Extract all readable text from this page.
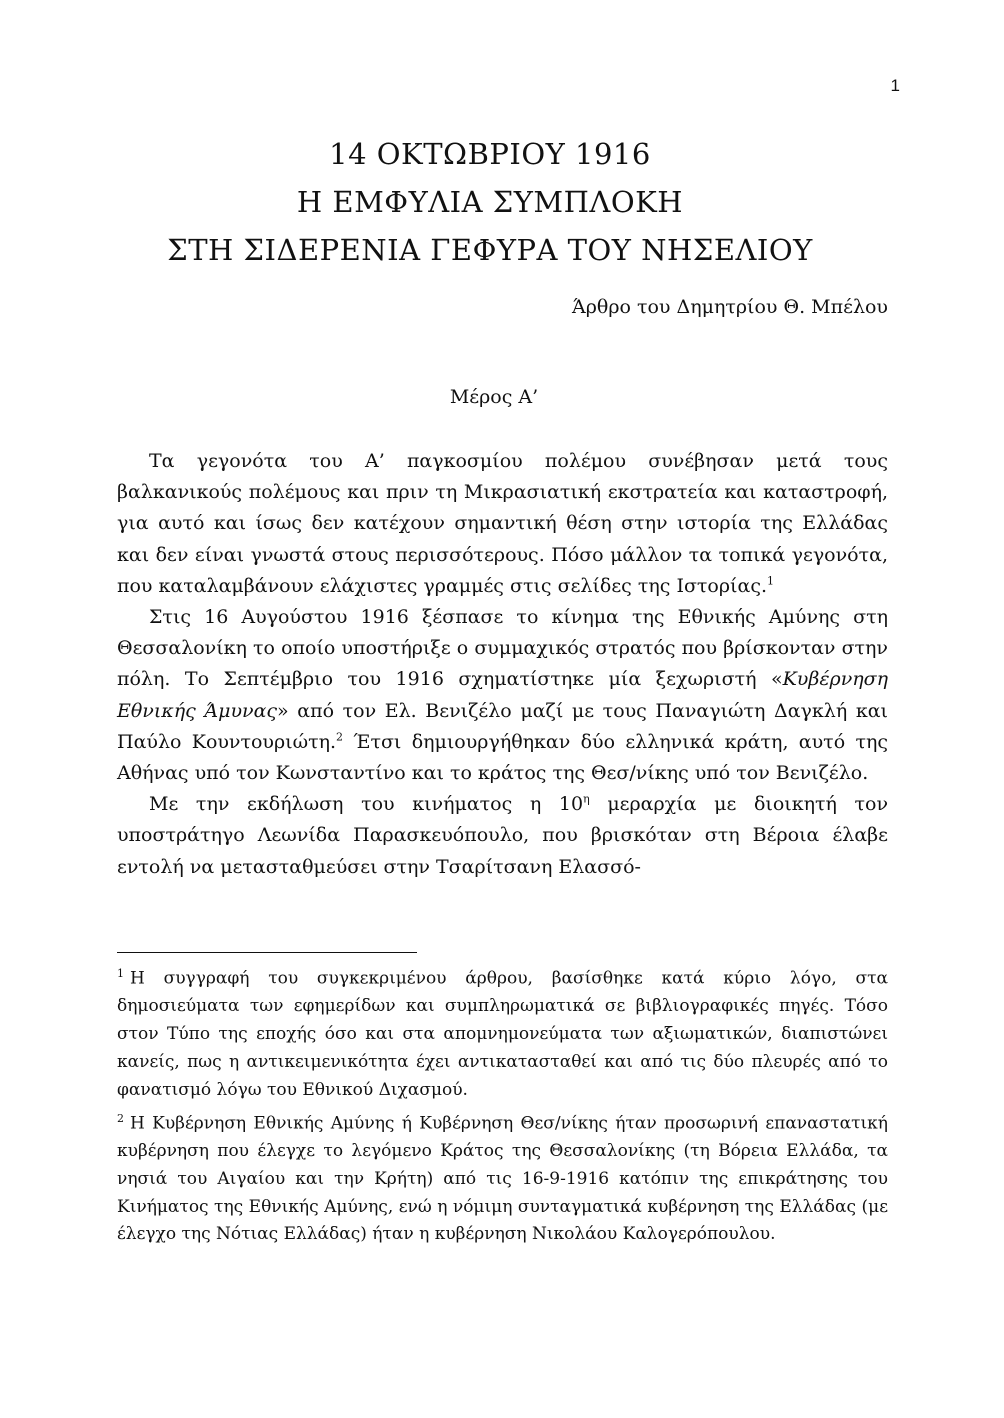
1
14 ΟΚΤΩΒΡΙΟΥ 1916
Η ΕΜΦΥΛΙΑ ΣΥΜΠΛΟΚΗ
ΣΤΗ ΣΙΔΕΡΕΝΙΑ ΓΕΦΥΡΑ ΤΟΥ ΝΗΣΕΛΙΟΥ
Άρθρο του Δημητρίου Θ. Μπέλου
Μέρος Α’

Τα γεγονότα του Α’ παγκοσμίου πολέμου συνέβησαν μετά τους βαλκανικούς πολέμους και πριν τη Μικρασιατική εκστρατεία και καταστροφή, για αυτό και ίσως δεν κατέχουν σημαντική θέση στην ιστορία της Ελλάδας και δεν είναι γνωστά στους περισσότερους. Πόσο μάλλον τα τοπικά γεγονότα, που καταλαμβάνουν ελάχιστες γραμμές στις σελίδες της Ιστορίας.$^1$

Στις 16 Αυγούστου 1916 ξέσπασε το κίνημα της Εθνικής Αμύνης στη Θεσσαλονίκη το οποίο υποστήριξε ο συμμαχικός στρατός που βρίσκονταν στην πόλη. Το Σεπτέμβριο του 1916 σχηματίστηκε μία ξεχωριστή «Κυβέρνηση Εθνικής Άμυνας» από τον Ελ. Βενιζέλο μαζί με τους Παναγιώτη Δαγκλή και Παύλο Κουντουριώτη.$^2$ Έτσι δημιουργήθηκαν δύο ελληνικά κράτη, αυτό της Αθήνας υπό τον Κωνσταντίνο και το κράτος της Θεσ/νίκης υπό τον Βενιζέλο.

Με την εκδήλωση του κινήματος η $10^\eta$ μεραρχία με διοικητή τον υποστράτηγο Λεωνίδα Παρασκευόπουλο, που βρισκόταν στη Βέροια έλαβε εντολή να μετασταθμεύσει στην Τσαρίτσανη Ελασσό-

$^1$ Η συγγραφή του συγκεκριμένου άρθρου, βασίσθηκε κατά κύριο λόγο, στα δημοσιεύματα των εφημερίδων και συμπληρωματικά σε βιβλιογραφικές πηγές. Τόσο στον Τύπο της εποχής όσο και στα απομνημονεύματα των αξιωματικών, διαπιστώνει κανείς, πως η αντικειμενικότητα έχει αντικατασταθεί και από τις δύο πλευρές από το φανατισμό λόγω του Εθνικού Διχασμού.

$^2$ Η Κυβέρνηση Εθνικής Αμύνης ή Κυβέρνηση Θεσ/νίκης ήταν προσωρινή επαναστατική κυβέρνηση που έλεγχε το λεγόμενο Κράτος της Θεσσαλονίκης (τη Βόρεια Ελλάδα, τα νησιά του Αιγαίου και την Κρήτη) από τις 16-9-1916 κατόπιν της επικράτησης του Κινήματος της Εθνικής Αμύνης, ενώ η νόμιμη συνταγματικά κυβέρνηση της Ελλάδας (με έλεγχο της Νότιας Ελλάδας) ήταν η κυβέρνηση Νικολάου Καλογερόπουλου.
